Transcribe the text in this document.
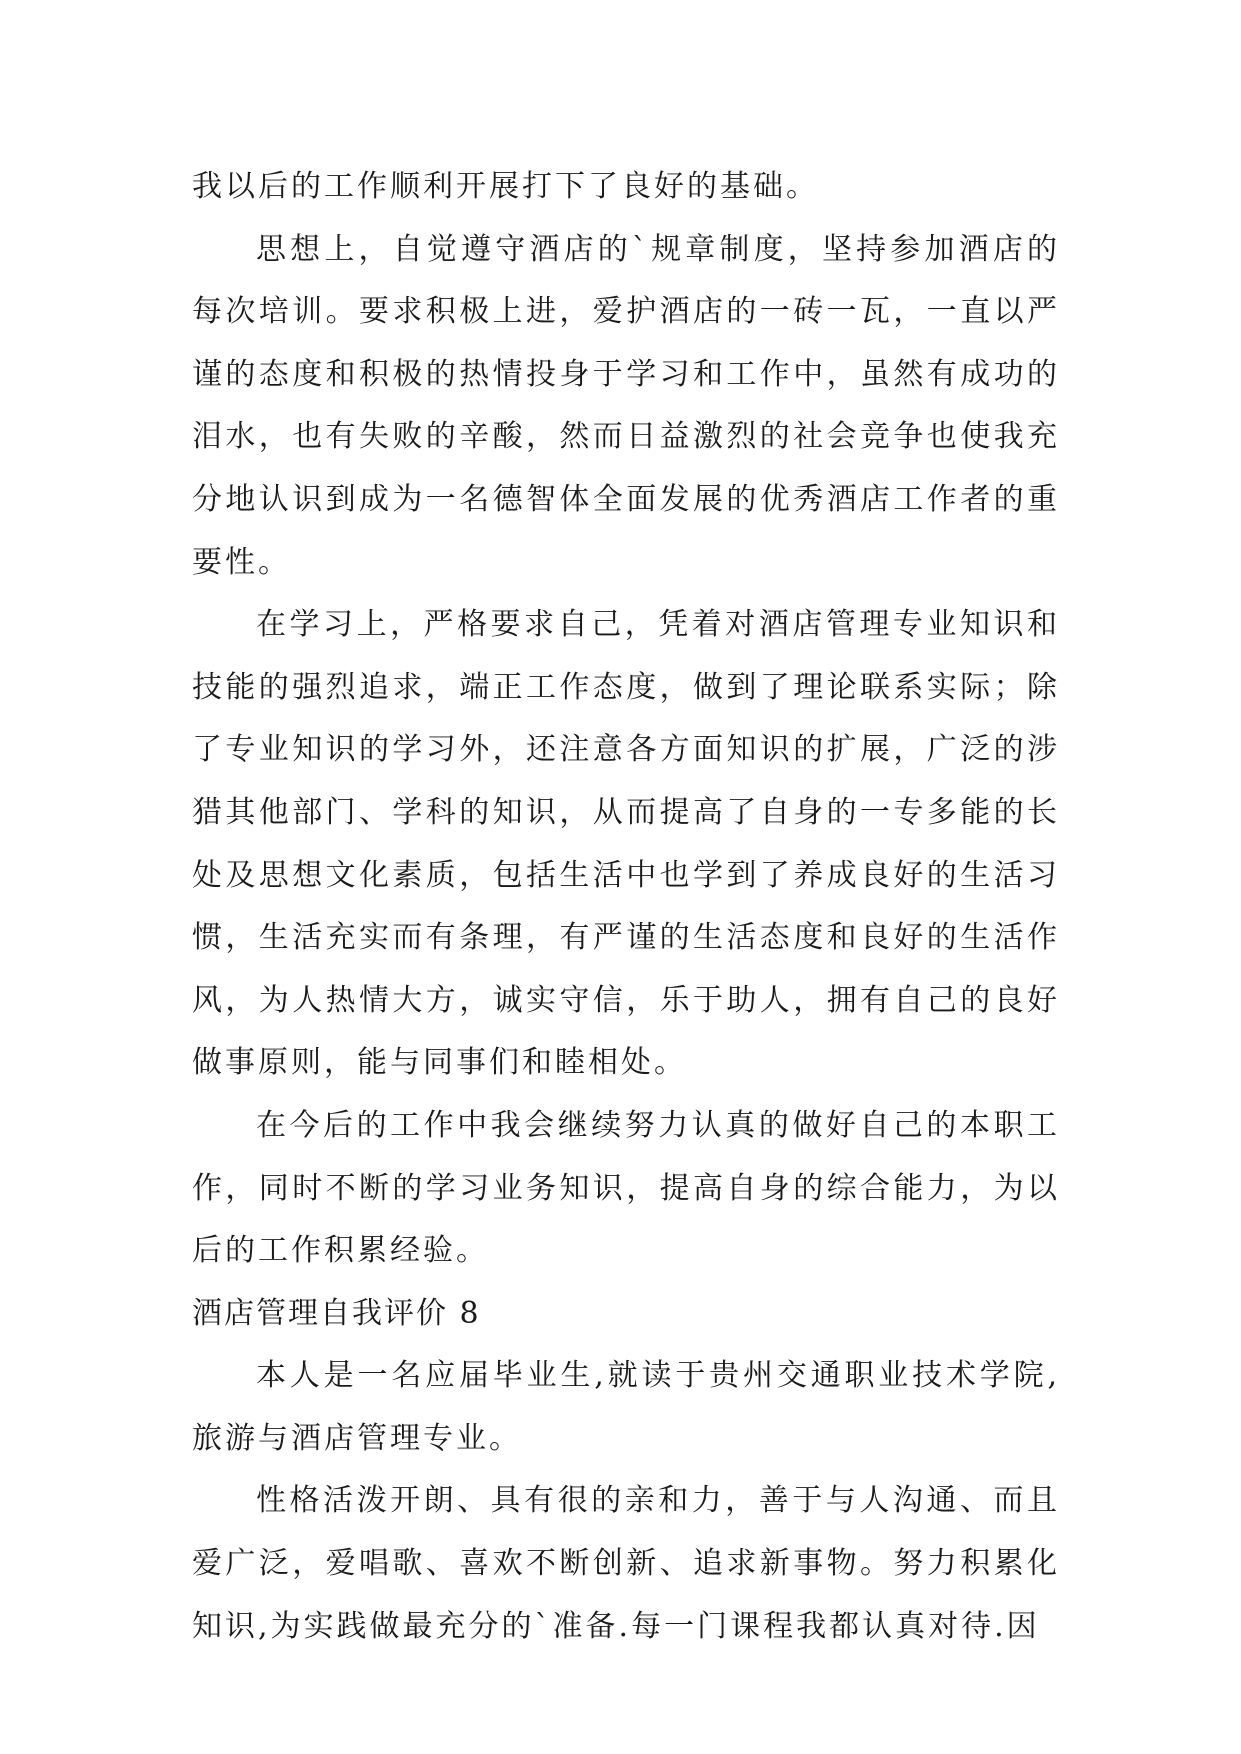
我以后的工作顺利开展打下了良好的基础。

思想上，自觉遵守酒店的`规章制度，坚持参加酒店的每次培训。要求积极上进，爱护酒店的一砖一瓦，一直以严谨的态度和积极的热情投身于学习和工作中，虽然有成功的泪水，也有失败的辛酸，然而日益激烈的社会竞争也使我充分地认识到成为一名德智体全面发展的优秀酒店工作者的重要性。

在学习上，严格要求自己，凭着对酒店管理专业知识和技能的强烈追求，端正工作态度，做到了理论联系实际；除了专业知识的学习外，还注意各方面知识的扩展，广泛的涉猎其他部门、学科的知识，从而提高了自身的一专多能的长处及思想文化素质，包括生活中也学到了养成良好的生活习惯，生活充实而有条理，有严谨的生活态度和良好的生活作风，为人热情大方，诚实守信，乐于助人，拥有自己的良好做事原则，能与同事们和睦相处。

在今后的工作中我会继续努力认真的做好自己的本职工作，同时不断的学习业务知识，提高自身的综合能力，为以后的工作积累经验。

酒店管理自我评价 8

本人是一名应届毕业生,就读于贵州交通职业技术学院,旅游与酒店管理专业。

性格活泼开朗、具有很的亲和力，善于与人沟通、而且爱广泛，爱唱歌、喜欢不断创新、追求新事物。努力积累化知识,为实践做最充分的`准备.每一门课程我都认真对待.因
